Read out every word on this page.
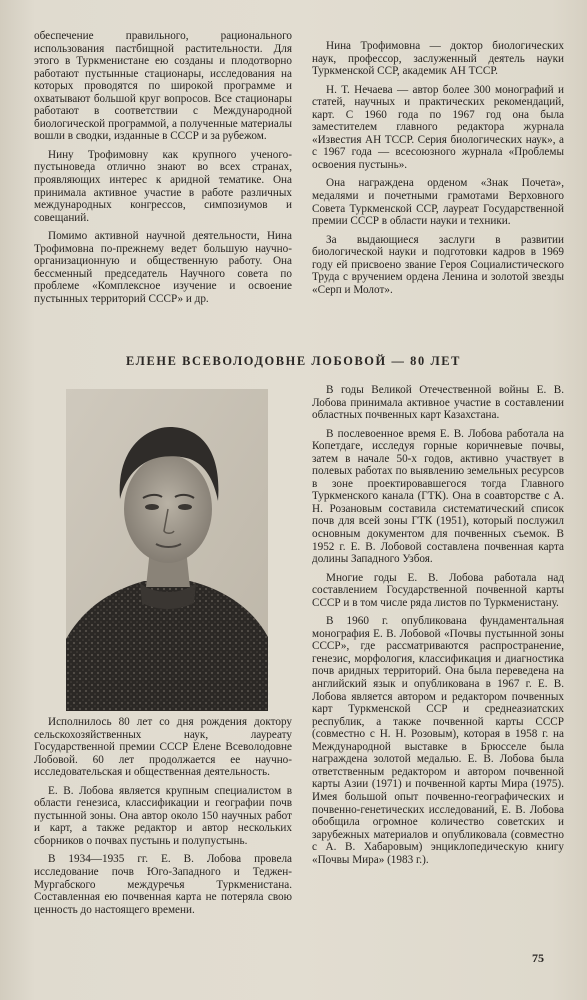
обеспечение правильного, рационального использования пастбищной растительности. Для этого в Туркменистане ею созданы и плодотворно работают пустынные стационары, исследования на которых проводятся по широкой программе и охватывают большой круг вопросов. Все стационары работают в соответствии с Международной биологической программой, а полученные материалы вошли в сводки, изданные в СССР и за рубежом.

Нину Трофимовну как крупного ученого-пустыноведа отлично знают во всех странах, проявляющих интерес к аридной тематике. Она принимала активное участие в работе различных международных конгрессов, симпозиумов и совещаний.

Помимо активной научной деятельности, Нина Трофимовна по-прежнему ведет большую научно-организационную и общественную работу. Она бессменный председатель Научного совета по проблеме «Комплексное изучение и освоение пустынных территорий СССР» и др.

Нина Трофимовна — доктор биологических наук, профессор, заслуженный деятель науки Туркменской ССР, академик АН ТССР.

Н. Т. Нечаева — автор более 300 монографий и статей, научных и практических рекомендаций, карт. С 1960 года по 1967 год она была заместителем главного редактора журнала «Известия АН ТССР. Серия биологических наук», а с 1967 года — всесоюзного журнала «Проблемы освоения пустынь».

Она награждена орденом «Знак Почета», медалями и почетными грамотами Верховного Совета Туркменской ССР, лауреат Государственной премии СССР в области науки и техники.

За выдающиеся заслуги в развитии биологической науки и подготовки кадров в 1969 году ей присвоено звание Героя Социалистического Труда с вручением ордена Ленина и золотой звезды «Серп и Молот».

ЕЛЕНЕ ВСЕВОЛОДОВНЕ ЛОБОВОЙ — 80 ЛЕТ

Исполнилось 80 лет со дня рождения доктору сельскохозяйственных наук, лауреату Государственной премии СССР Елене Всеволодовне Лобовой. 60 лет продолжается ее научно-исследовательская и общественная деятельность.

Е. В. Лобова является крупным специалистом в области генезиса, классификации и географии почв пустынной зоны. Она автор около 150 научных работ и карт, а также редактор и автор нескольких сборников о почвах пустынь и полупустынь.

В 1934—1935 гг. Е. В. Лобова провела исследование почв Юго-Западного и Теджен-Мургабского междуречья Туркменистана. Составленная ею почвенная карта не потеряла свою ценность до настоящего времени.

В годы Великой Отечественной войны Е. В. Лобова принимала активное участие в составлении областных почвенных карт Казахстана.

В послевоенное время Е. В. Лобова работала на Копетдаге, исследуя горные коричневые почвы, затем в начале 50-х годов, активно участвует в полевых работах по выявлению земельных ресурсов в зоне проектировавшегося тогда Главного Туркменского канала (ГТК). Она в соавторстве с А. Н. Розановым составила систематический список почв для всей зоны ГТК (1951), который послужил основным документом для почвенных съемок. В 1952 г. Е. В. Лобовой составлена почвенная карта долины Западного Узбоя.

Многие годы Е. В. Лобова работала над составлением Государственной почвенной карты СССР и в том числе ряда листов по Туркменистану.

В 1960 г. опубликована фундаментальная монография Е. В. Лобовой «Почвы пустынной зоны СССР», где рассматриваются распространение, генезис, морфология, классификация и диагностика почв аридных территорий. Она была переведена на английский язык и опубликована в 1967 г. Е. В. Лобова является автором и редактором почвенных карт Туркменской ССР и среднеазиатских республик, а также почвенной карты СССР (совместно с Н. Н. Розовым), которая в 1958 г. на Международной выставке в Брюсселе была награждена золотой медалью. Е. В. Лобова была ответственным редактором и автором почвенной карты Азии (1971) и почвенной карты Мира (1975). Имея большой опыт почвенно-географических и почвенно-генетических исследований, Е. В. Лобова обобщила огромное количество советских и зарубежных материалов и опубликовала (совместно с А. В. Хабаровым) энциклопедическую книгу «Почвы Мира» (1983 г.).

75
